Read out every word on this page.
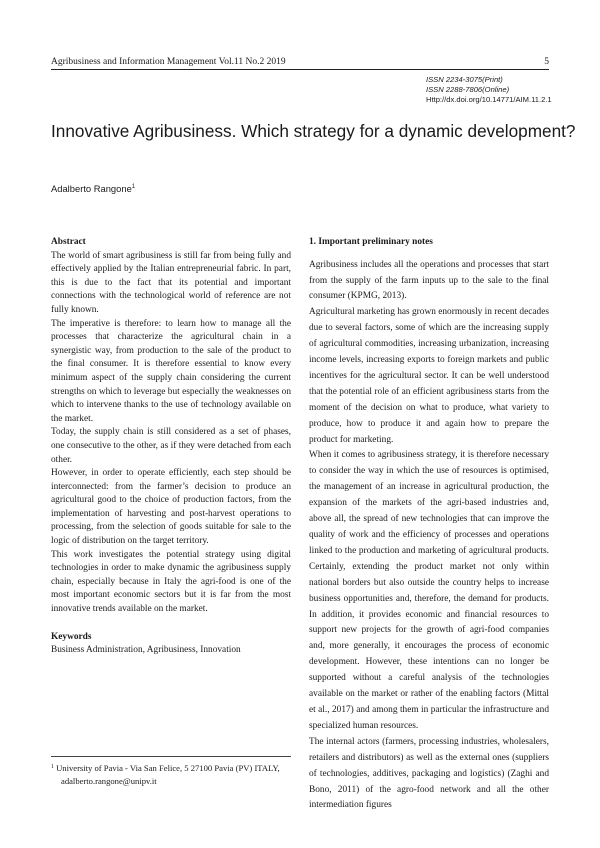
Agribusiness and Information Management Vol.11 No.2 2019	5
ISSN 2234-3075(Print)
ISSN 2288-7806(Online)
Http://dx.doi.org/10.14771/AIM.11.2.1
Innovative Agribusiness. Which strategy for a dynamic development?
Adalberto Rangone$^1$

Abstract

The world of smart agribusiness is still far from being fully and effectively applied by the Italian entrepreneurial fabric. In part, this is due to the fact that its potential and important connections with the technological world of reference are not fully known.

The imperative is therefore: to learn how to manage all the processes that characterize the agricultural chain in a synergistic way, from production to the sale of the product to the final consumer. It is therefore essential to know every minimum aspect of the supply chain considering the current strengths on which to leverage but especially the weaknesses on which to intervene thanks to the use of technology available on the market.

Today, the supply chain is still considered as a set of phases, one consecutive to the other, as if they were detached from each other.

However, in order to operate efficiently, each step should be interconnected: from the farmer’s decision to produce an agricultural good to the choice of production factors, from the implementation of harvesting and post-harvest operations to processing, from the selection of goods suitable for sale to the logic of distribution on the target territory.

This work investigates the potential strategy using digital technologies in order to make dynamic the agribusiness supply chain, especially because in Italy the agri-food is one of the most important economic sectors but it is far from the most innovative trends available on the market.

Keywords

Business Administration, Agribusiness, Innovation

$^1$ University of Pavia - Via San Felice, 5 27100 Pavia (PV) ITALY,
adalberto.rangone@unipv.it

1. Important preliminary notes

Agribusiness includes all the operations and processes that start from the supply of the farm inputs up to the sale to the final consumer (KPMG, 2013).

Agricultural marketing has grown enormously in recent decades due to several factors, some of which are the increasing supply of agricultural commodities, increasing urbanization, increasing income levels, increasing exports to foreign markets and public incentives for the agricultural sector. It can be well understood that the potential role of an efficient agribusiness starts from the moment of the decision on what to produce, what variety to produce, how to produce it and again how to prepare the product for marketing.

When it comes to agribusiness strategy, it is therefore necessary to consider the way in which the use of resources is optimised, the management of an increase in agricultural production, the expansion of the markets of the agri-based industries and, above all, the spread of new technologies that can improve the quality of work and the efficiency of processes and operations linked to the production and marketing of agricultural products. Certainly, extending the product market not only within national borders but also outside the country helps to increase business opportunities and, therefore, the demand for products. In addition, it provides economic and financial resources to support new projects for the growth of agri-food companies and, more generally, it encourages the process of economic development. However, these intentions can no longer be supported without a careful analysis of the technologies available on the market or rather of the enabling factors (Mittal et al., 2017) and among them in particular the infrastructure and specialized human resources.

The internal actors (farmers, processing industries, wholesalers, retailers and distributors) as well as the external ones (suppliers of technologies, additives, packaging and logistics) (Zaghi and Bono, 2011) of the agro-food network and all the other intermediation figures
